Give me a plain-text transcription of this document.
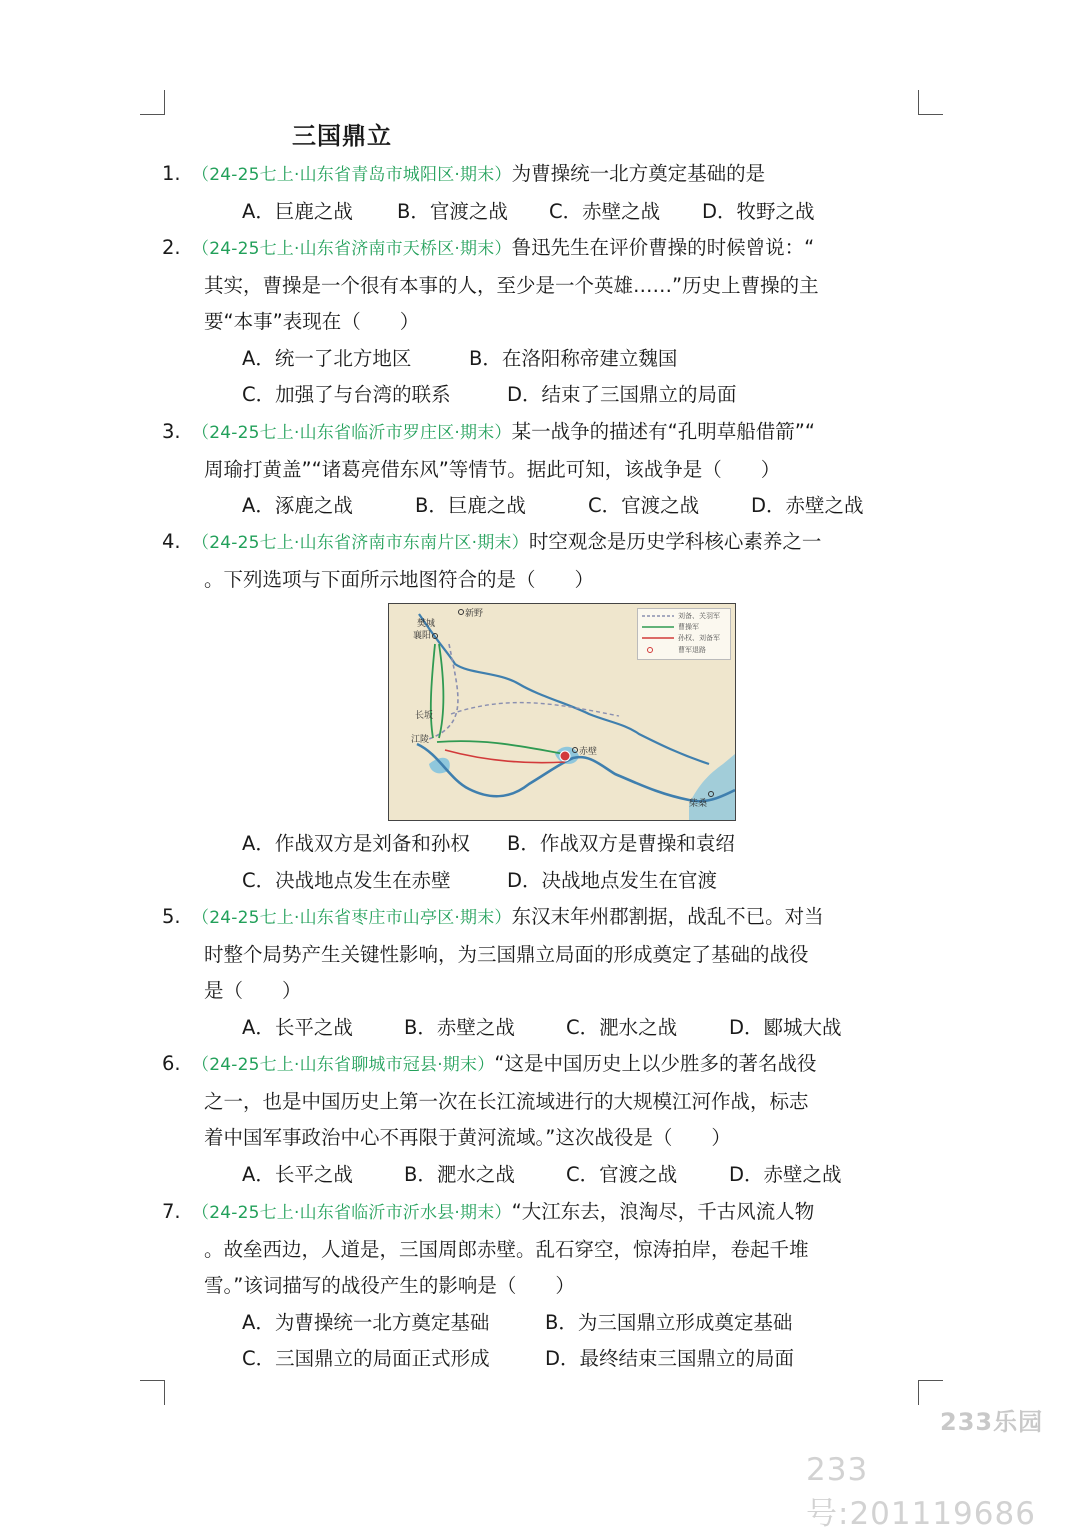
三国鼎立
1. （24-25七上·山东省青岛市城阳区·期末）为曹操统一北方奠定基础的是
A．巨鹿之战 B．官渡之战 C．赤壁之战 D．牧野之战
2. （24-25七上·山东省济南市天桥区·期末）鲁迅先生在评价曹操的时候曾说：“
其实，曹操是一个很有本事的人，至少是一个英雄……”历史上曹操的主
要“本事”表现在（　　）
A．统一了北方地区	B．在洛阳称帝建立魏国
C．加强了与台湾的联系	D．结束了三国鼎立的局面
3. （24-25七上·山东省临沂市罗庄区·期末）某一战争的描述有“孔明草船借箭”“
周瑜打黄盖”“诸葛亮借东风”等情节。据此可知，该战争是（　　）
A．涿鹿之战	B．巨鹿之战	C．官渡之战	D．赤壁之战
4. （24-25七上·山东省济南市东南片区·期末）时空观念是历史学科核心素养之一
。下列选项与下面所示地图符合的是（　　）
新野
樊城
襄阳
长坂
江陵
赤壁
柴桑
刘备、关羽军
曹操军
孙权、刘备军
曹军退路
A．作战双方是刘备和孙权 B．作战双方是曹操和袁绍
C．决战地点发生在赤壁	D．决战地点发生在官渡
5. （24-25七上·山东省枣庄市山亭区·期末）东汉末年州郡割据，战乱不已。对当
时整个局势产生关键性影响，为三国鼎立局面的形成奠定了基础的战役
是（　　）
A．长平之战	B．赤壁之战	C．淝水之战	D．郾城大战
6. （24-25七上·山东省聊城市冠县·期末）“这是中国历史上以少胜多的著名战役
之一，也是中国历史上第一次在长江流域进行的大规模江河作战，标志
着中国军事政治中心不再限于黄河流域。”这次战役是（　　）
A．长平之战	B．淝水之战	C．官渡之战	D．赤壁之战
7. （24-25七上·山东省临沂市沂水县·期末）“大江东去，浪淘尽，千古风流人物
。故垒西边，人道是，三国周郎赤壁。乱石穿空，惊涛拍岸，卷起千堆
雪。”该词描写的战役产生的影响是（　　）
A．为曹操统一北方奠定基础	B．为三国鼎立形成奠定基础
C．三国鼎立的局面正式形成	D．最终结束三国鼎立的局面
233乐园
233号:201119686
